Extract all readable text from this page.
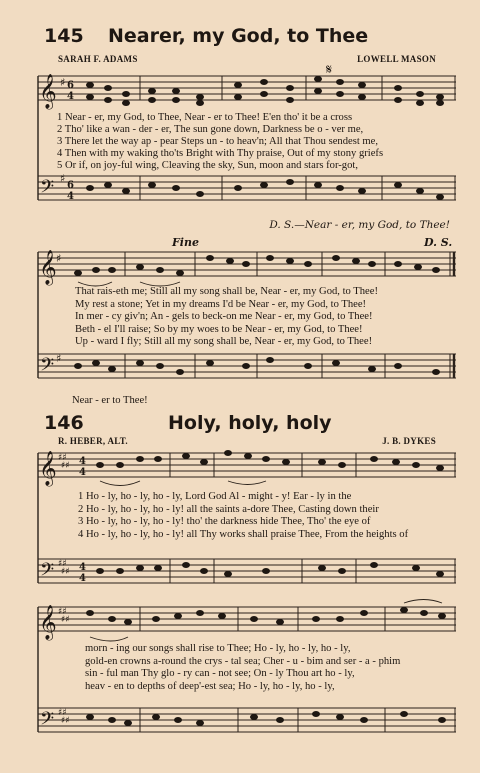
145 Nearer, my God, to Thee
SARAH F. ADAMS	LOWELL MASON
𝄞
𝄢
♯ 6
4
♯
6
4
𝄋
𝄞
𝄢
♯
♯
𝄞
𝄢
♯♯
♯♯ 4
4
♯♯
♯♯ 4
4
𝄞
𝄢
♯♯
♯♯
♯♯
♯♯
1 Near - er, my God, to Thee, Near - er to Thee! E'en tho' it be a cross
2 Tho' like a wan - der - er, The sun gone down, Darkness be o - ver me,
3 There let the way ap - pear Steps un - to heav'n; All that Thou sendest me,
4 Then with my waking tho'ts Bright with Thy praise, Out of my stony griefs
5 Or if, on joy-ful wing, Cleaving the sky, Sun, moon and stars for-got,
D. S.—Near - er, my God, to Thee!
Fine	D. S.
That rais-eth me; Still all my song shall be, Near - er, my God, to Thee!
My rest a stone; Yet in my dreams I'd be Near - er, my God, to Thee!
In mer - cy giv'n; An - gels to beck-on me Near - er, my God, to Thee!
Beth - el I'll raise; So by my woes to be Near - er, my God, to Thee!
Up - ward I fly; Still all my song shall be, Near - er, my God, to Thee!
Near - er to Thee!
146	Holy, holy, holy
R. HEBER, ALT.	J. B. DYKES
1 Ho - ly, ho - ly, ho - ly, Lord God Al - might - y! Ear - ly in the
2 Ho - ly, ho - ly, ho - ly! all the saints a-dore Thee, Casting down their
3 Ho - ly, ho - ly, ho - ly! tho' the darkness hide Thee, Tho' the eye of
4 Ho - ly, ho - ly, ho - ly! all Thy works shall praise Thee, From the heights of
morn - ing our songs shall rise to Thee; Ho - ly, ho - ly, ho - ly,
gold-en crowns a-round the crys - tal sea; Cher - u - bim and ser - a - phim
sin - ful man Thy glo - ry can - not see; On - ly Thou art ho - ly,
heav - en to depths of deep'-est sea; Ho - ly, ho - ly, ho - ly,
